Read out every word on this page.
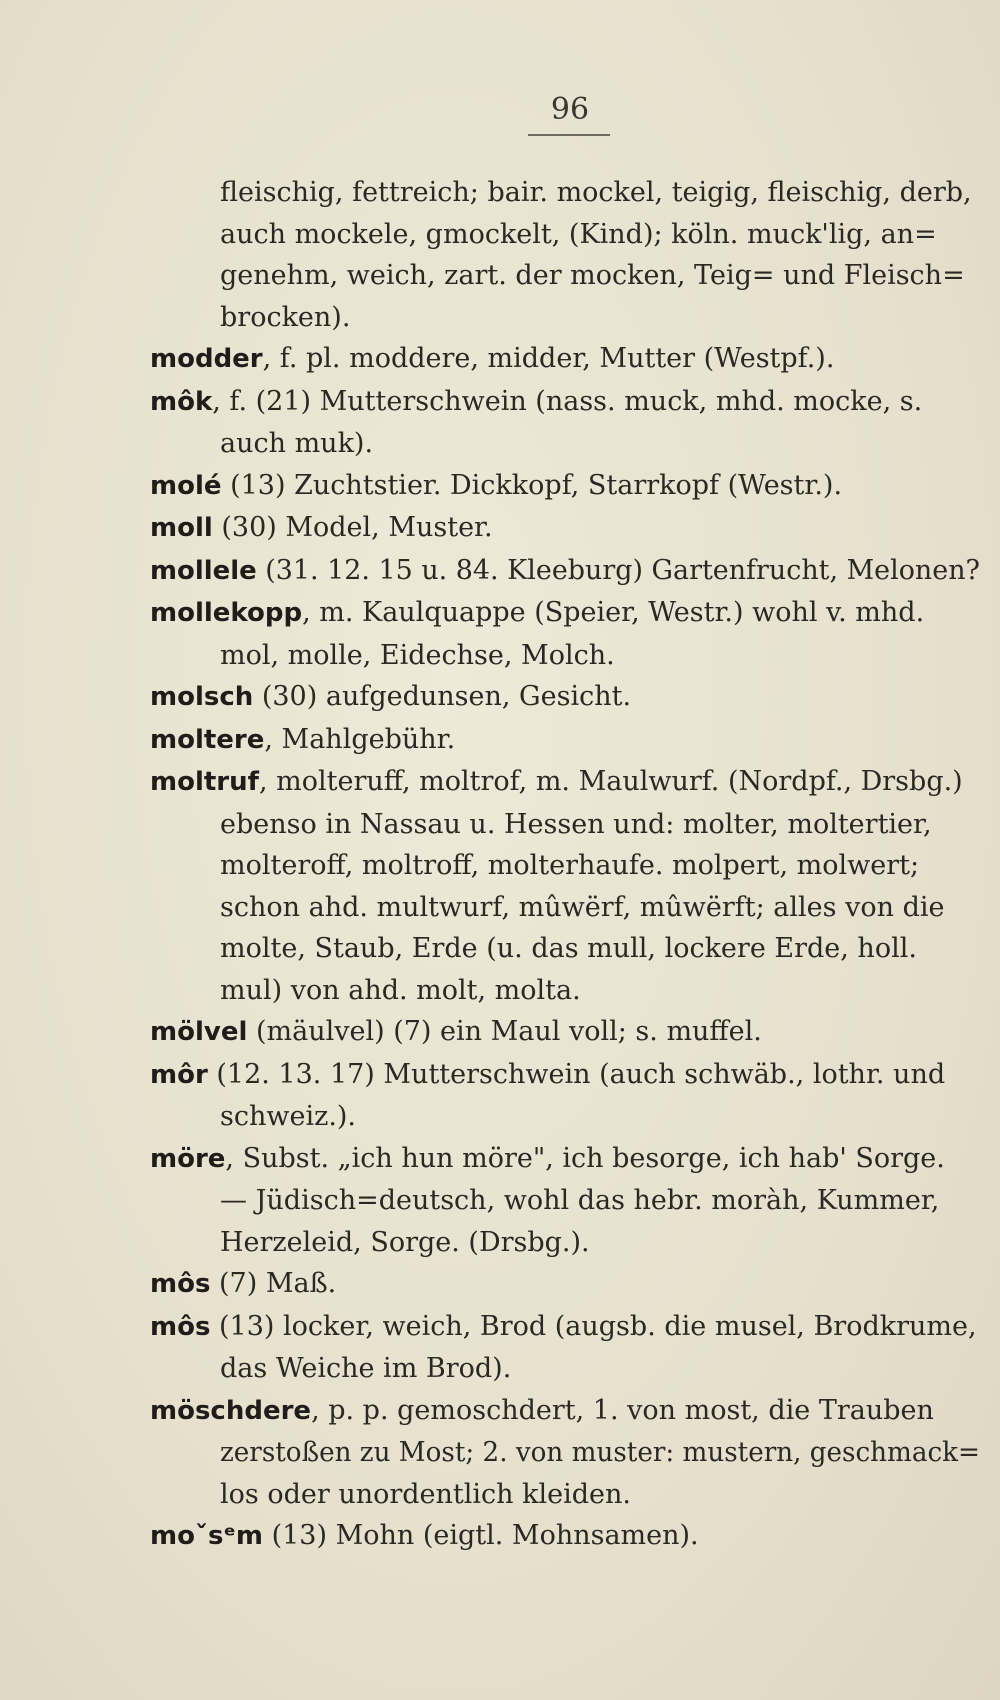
96

fleischig, fettreich; bair. mockel, teigig, fleischig, derb,

auch mockele, gmockelt, (Kind); köln. muck'lig, an=

genehm, weich, zart. der mocken, Teig= und Fleisch=

brocken).

modder, f. pl. moddere, midder, Mutter (Westpf.).

môk, f. (21) Mutterschwein (nass. muck, mhd. mocke, s.

auch muk).

molé (13) Zuchtstier. Dickkopf, Starrkopf (Westr.).

moll (30) Model, Muster.

mollele (31. 12. 15 u. 84. Kleeburg) Gartenfrucht, Melonen?

mollekopp, m. Kaulquappe (Speier, Westr.) wohl v. mhd.

mol, molle, Eidechse, Molch.

molsch (30) aufgedunsen, Gesicht.

moltere, Mahlgebühr.

moltruf, molteruff, moltrof, m. Maulwurf. (Nordpf., Drsbg.)

ebenso in Nassau u. Hessen und: molter, moltertier,

molteroff, moltroff, molterhaufe. molpert, molwert;

schon ahd. multwurf, mûwërf, mûwërft; alles von die

molte, Staub, Erde (u. das mull, lockere Erde, holl.

mul) von ahd. molt, molta.

mölvel (mäulvel) (7) ein Maul voll; s. muffel.

môr (12. 13. 17) Mutterschwein (auch schwäb., lothr. und

schweiz.).

möre, Subst. „ich hun möre", ich besorge, ich hab' Sorge.

— Jüdisch=deutsch, wohl das hebr. moràh, Kummer,

Herzeleid, Sorge. (Drsbg.).

môs (7) Maß.

môs (13) locker, weich, Brod (augsb. die musel, Brodkrume,

das Weiche im Brod).

möschdere, p. p. gemoschdert, 1. von most, die Trauben

zerstoßen zu Most; 2. von muster: mustern, geschmack=

los oder unordentlich kleiden.

moˇsᵉm (13) Mohn (eigtl. Mohnsamen).
